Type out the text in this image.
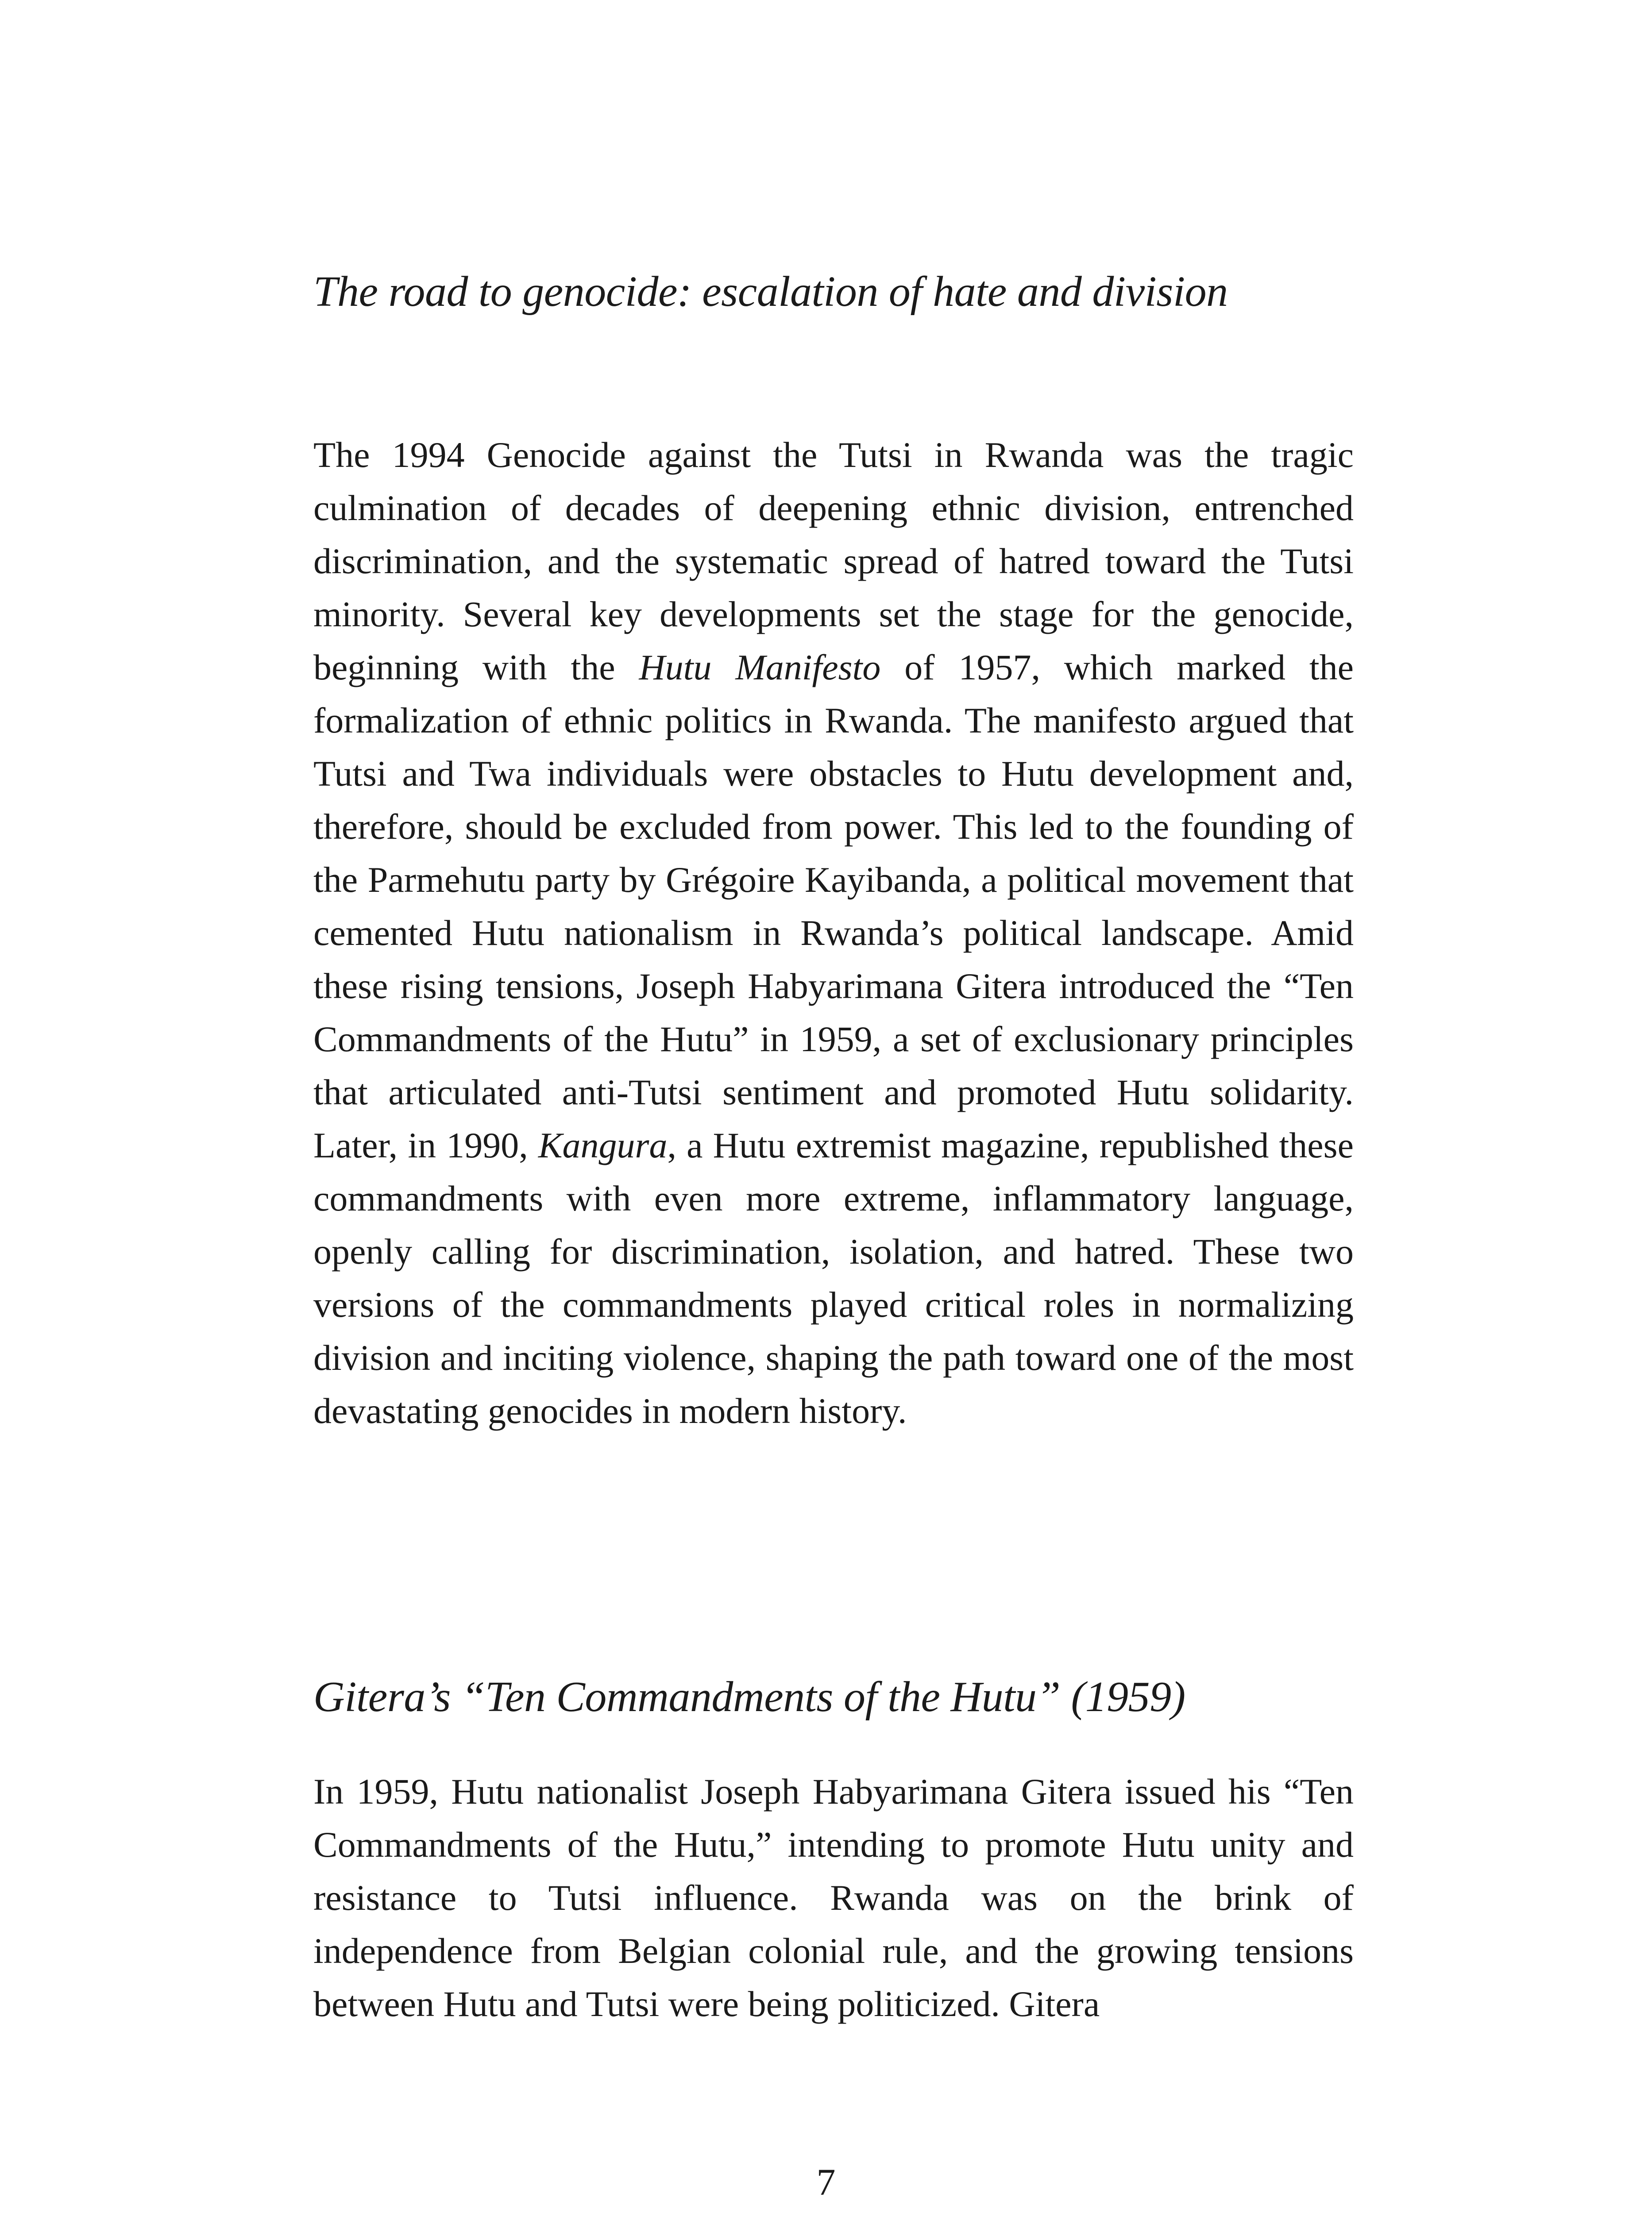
The road to genocide: escalation of hate and division

The 1994 Genocide against the Tutsi in Rwanda was the tragic culmination of decades of deepening ethnic division, entrenched discrimination, and the systematic spread of hatred toward the Tutsi minority. Several key developments set the stage for the genocide, beginning with the Hutu Manifesto of 1957, which marked the formalization of ethnic politics in Rwanda. The manifesto argued that Tutsi and Twa individuals were obstacles to Hutu development and, therefore, should be excluded from power. This led to the founding of the Parmehutu party by Grégoire Kayibanda, a political movement that cemented Hutu nationalism in Rwanda’s political landscape. Amid these rising tensions, Joseph Habyarimana Gitera introduced the “Ten Commandments of the Hutu” in 1959, a set of exclusionary principles that articulated anti-Tutsi sentiment and promoted Hutu solidarity. Later, in 1990, Kangura, a Hutu extremist magazine, republished these commandments with even more extreme, inflammatory language, openly calling for discrimination, isolation, and hatred. These two versions of the commandments played critical roles in normalizing division and inciting violence, shaping the path toward one of the most devastating genocides in modern history.

Gitera’s “Ten Commandments of the Hutu” (1959)

In 1959, Hutu nationalist Joseph Habyarimana Gitera issued his “Ten Commandments of the Hutu,” intending to promote Hutu unity and resistance to Tutsi influence. Rwanda was on the brink of independence from Belgian colonial rule, and the growing tensions between Hutu and Tutsi were being politicized. Gitera

7
